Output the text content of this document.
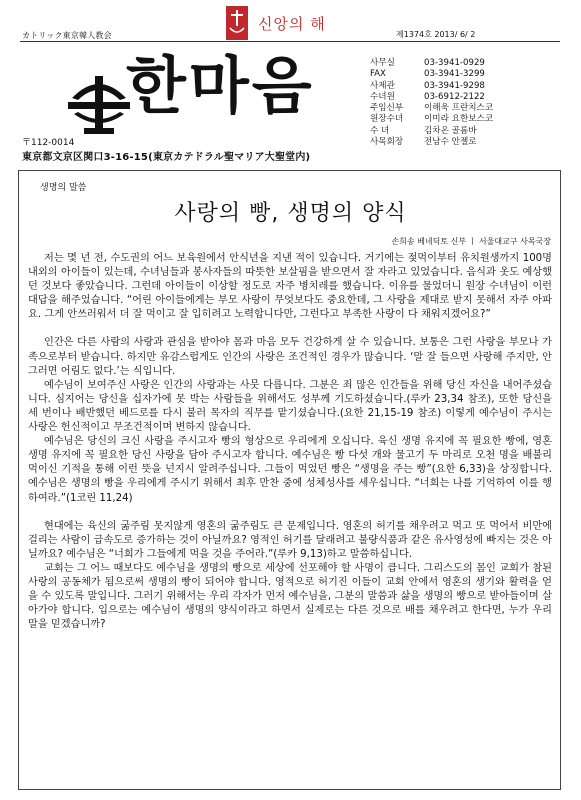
カトリック東京韓人教会
신앙의 해
제1374호 2013/ 6/ 2
한마음
〒112-0014
東京都文京区関口3-16-15(東京カテドラル聖マリア大聖堂内)
사무실	03-3941-0929
FAX	03-3941-3299
사제관	03-3941-9298
수녀원	03-6912-2122
주임신부	이해욱 프란치스코
원장수녀	이미라 요한보스코
수 녀	김차온 골롬바
사목회장	전남수 안젤로
생명의 말씀
사랑의 빵, 생명의 양식
손희송 베네딕토 신부 ㅣ 서울대교구 사목국장

저는 몇 년 전, 수도권의 어느 보육원에서 안식년을 지낸 적이 있습니다. 거기에는 젖먹이부터 유치원생까지 100명 내외의 아이들이 있는데, 수녀님들과 봉사자들의 따뜻한 보살핌을 받으면서 잘 자라고 있었습니다. 음식과 옷도 예상했던 것보다 좋았습니다. 그런데 아이들이 이상할 정도로 자주 병치레를 했습니다. 이유를 물었더니 원장 수녀님이 이런 대답을 해주었습니다. “어린 아이들에게는 부모 사랑이 무엇보다도 중요한데, 그 사랑을 제대로 받지 못해서 자주 아파요. 그게 안쓰러워서 더 잘 먹이고 잘 입히려고 노력합니다만, 그런다고 부족한 사랑이 다 채워지겠어요?”

인간은 다른 사람의 사랑과 관심을 받아야 몸과 마음 모두 건강하게 살 수 있습니다. 보통은 그런 사랑을 부모나 가족으로부터 받습니다. 하지만 유감스럽게도 인간의 사랑은 조건적인 경우가 많습니다. ‘말 잘 들으면 사랑해 주지만, 안 그러면 어림도 없다.’는 식입니다.

예수님이 보여주신 사랑은 인간의 사랑과는 사뭇 다릅니다. 그분은 죄 많은 인간들을 위해 당신 자신을 내어주셨습니다. 심지어는 당신을 십자가에 못 박는 사람들을 위해서도 성부께 기도하셨습니다.(루카 23,34 참조), 또한 당신을 세 번이나 배반했던 베드로를 다시 불러 목자의 직무를 맡기셨습니다.(요한 21,15-19 참조) 이렇게 예수님이 주시는 사랑은 헌신적이고 무조건적이며 변하지 않습니다.

예수님은 당신의 크신 사랑을 주시고자 빵의 형상으로 우리에게 오십니다. 육신 생명 유지에 꼭 필요한 빵에, 영혼 생명 유지에 꼭 필요한 당신 사랑을 담아 주시고자 합니다. 예수님은 빵 다섯 개와 물고기 두 마리로 오천 명을 배불리 먹이신 기적을 통해 이런 뜻을 넌지시 알려주십니다. 그들이 먹었던 빵은 “생명을 주는 빵”(요한 6,33)을 상징합니다. 예수님은 생명의 빵을 우리에게 주시기 위해서 최후 만찬 중에 성체성사를 세우십니다. “너희는 나를 기억하여 이를 행하여라.”(1코린 11,24)

현대에는 육신의 굶주림 못지않게 영혼의 굶주림도 큰 문제입니다. 영혼의 허기를 채우려고 먹고 또 먹어서 비만에 걸리는 사람이 급속도로 증가하는 것이 아닐까요? 영적인 허기를 달래려고 불량식품과 같은 유사영성에 빠지는 것은 아닐까요? 예수님은 “너희가 그들에게 먹을 것을 주어라.”(루카 9,13)하고 말씀하십니다.

교회는 그 어느 때보다도 예수님을 생명의 빵으로 세상에 선포해야 할 사명이 큽니다. 그리스도의 몸인 교회가 참된 사랑의 공동체가 됨으로써 생명의 빵이 되어야 합니다. 영적으로 허기진 이들이 교회 안에서 영혼의 생기와 활력을 얻을 수 있도록 말입니다. 그러기 위해서는 우리 각자가 먼저 예수님을, 그분의 말씀과 삶을 생명의 빵으로 받아들이며 살아가야 합니다. 입으로는 예수님이 생명의 양식이라고 하면서 실제로는 다른 것으로 배를 채우려고 한다면, 누가 우리말을 믿겠습니까?
